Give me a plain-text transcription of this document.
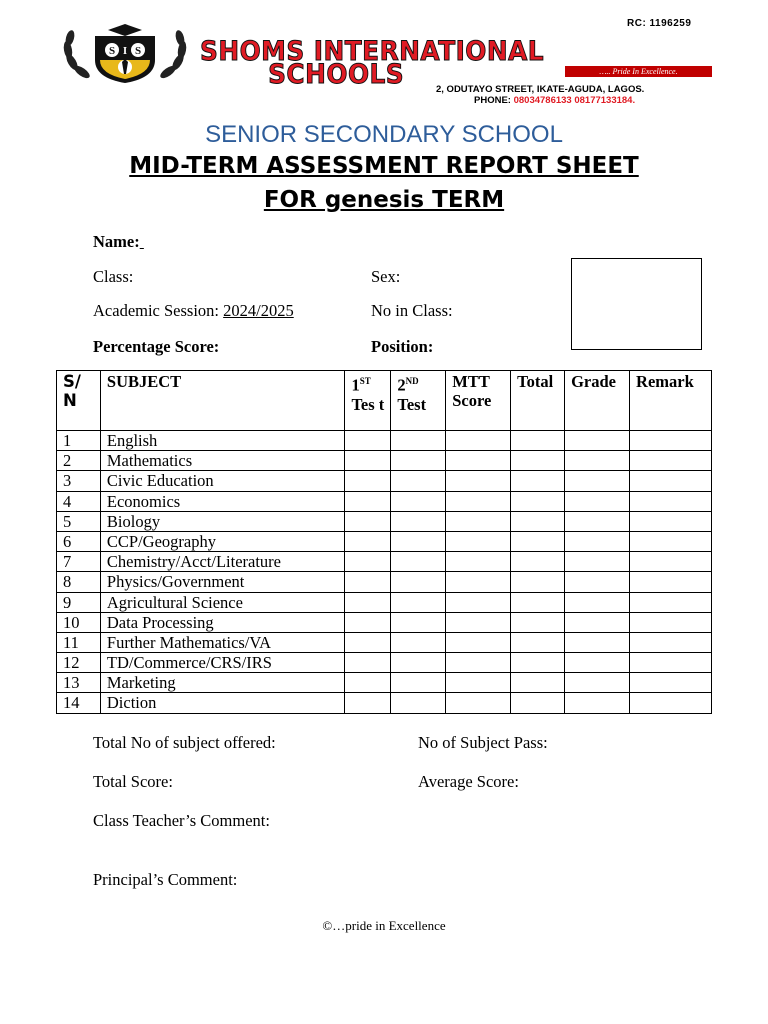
S I S
RC: 1196259
SHOMS INTERNATIONAL
SCHOOLS	….. Pride In Excellence.
2, ODUTAYO STREET, IKATE-AGUDA, LAGOS.
PHONE: 08034786133 08177133184.
SENIOR SECONDARY SCHOOL
MID-TERM ASSESSMENT REPORT SHEET
FOR genesis TERM
Name:
Class:	Sex:
Academic Session: 2024/2025	No in Class:
Percentage Score:	Position:
S/ N	SUBJECT	1ST Tes t	2ND Test	MTT Score	Total	Grade	Remark
1	English						
2	Mathematics						
3	Civic Education						
4	Economics						
5	Biology						
6	CCP/Geography						
7	Chemistry/Acct/Literature						
8	Physics/Government						
9	Agricultural Science						
10	Data Processing						
11	Further Mathematics/VA						
12	TD/Commerce/CRS/IRS						
13	Marketing						
14	Diction						
Total No of subject offered:	No of Subject Pass:
Total Score:	Average Score:
Class Teacher’s Comment:
Principal’s Comment:
©…pride in Excellence
